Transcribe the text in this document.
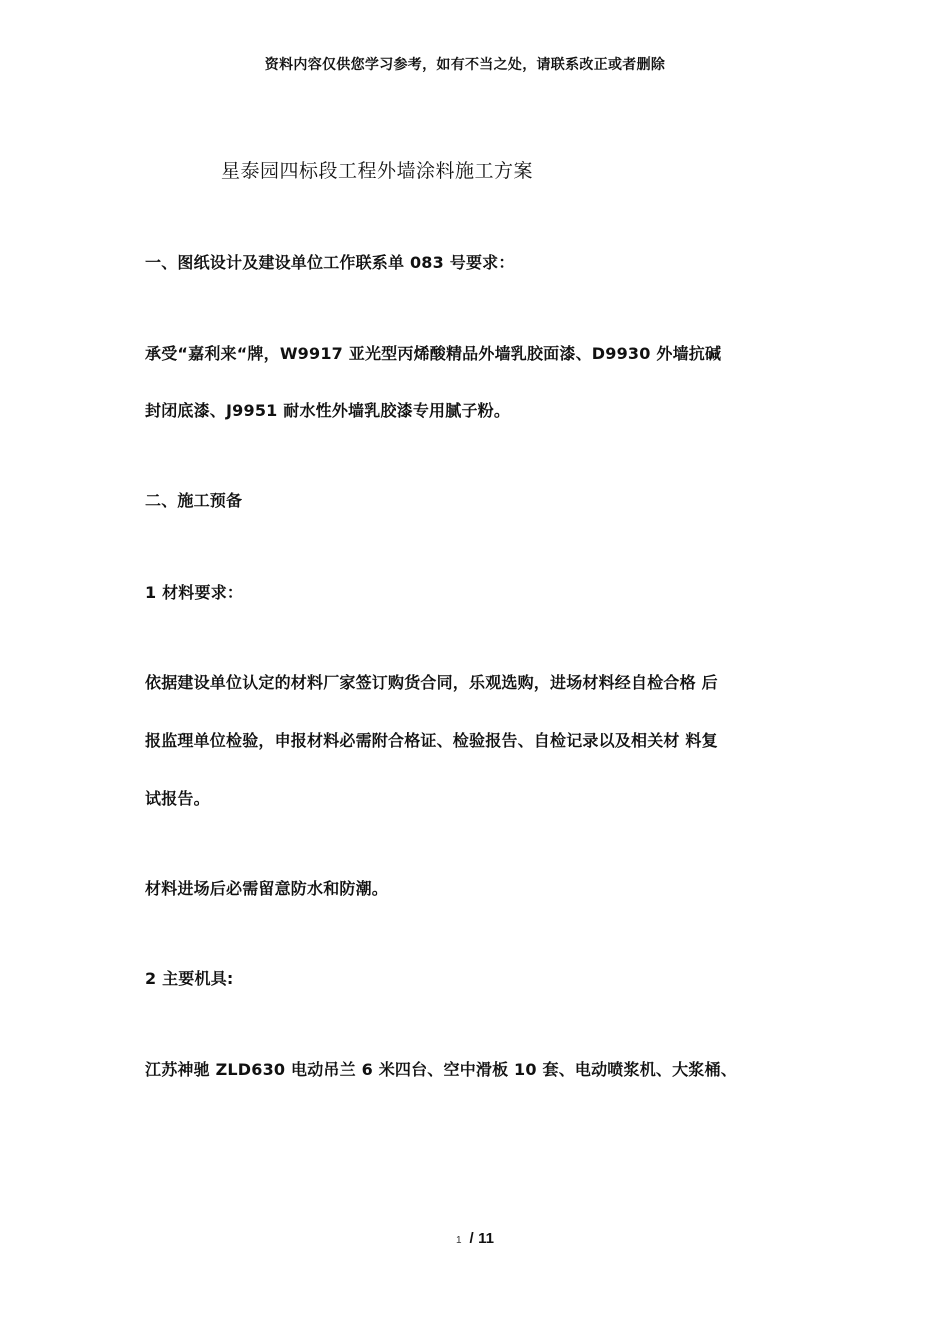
资料内容仅供您学习参考，如有不当之处，请联系改正或者删除
星泰园四标段工程外墙涂料施工方案
一、图纸设计及建设单位工作联系单 083 号要求：
承受“嘉利来“牌，W9917 亚光型丙烯酸精品外墙乳胶面漆、D9930 外墙抗碱
封闭底漆、J9951 耐水性外墙乳胶漆专用腻子粉。
二、施工预备
1 材料要求：
依据建设单位认定的材料厂家签订购货合同，乐观选购，进场材料经自检合格 后
报监理单位检验，申报材料必需附合格证、检验报告、自检记录以及相关材 料复
试报告。
材料进场后必需留意防水和防潮。
2 主要机具:
江苏神驰 ZLD630 电动吊兰 6 米四台、空中滑板 10 套、电动喷浆机、大浆桶、
1 / 11
